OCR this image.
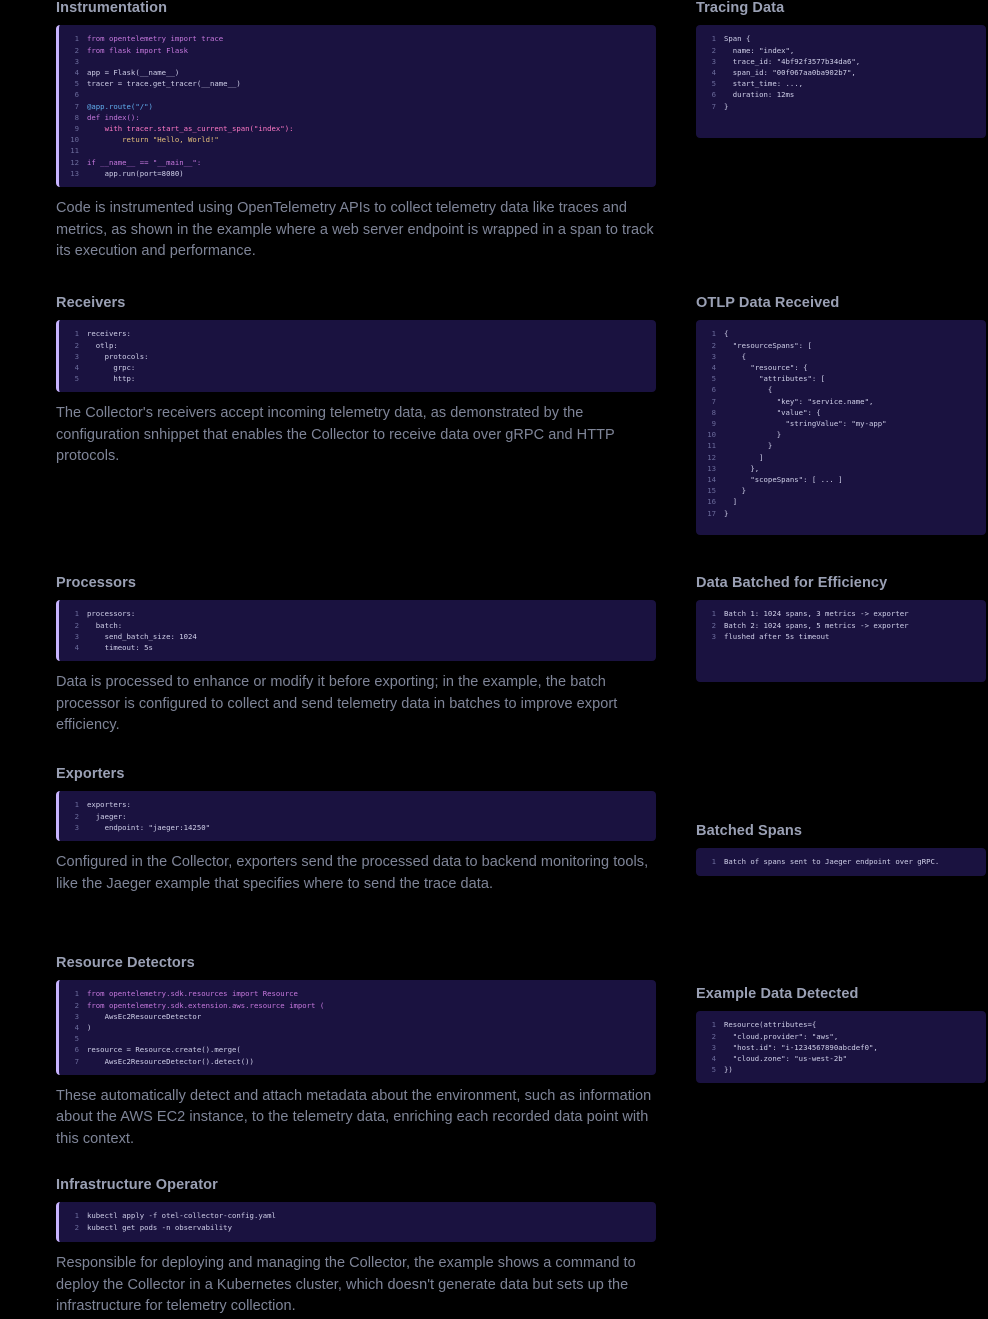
Instrumentation
1 from opentelemetry import trace
2 from flask import Flask
3

4 app = Flask(__name__)
5 tracer = trace.get_tracer(__name__)
6

7 @app.route("/")
8 def index():
9 with tracer.start_as_current_span("index"):
10 return "Hello, World!"
11

12 if __name__ == "__main__":
13 app.run(port=8080)

Code is instrumented using OpenTelemetry APIs to collect telemetry data like traces and metrics, as shown in the example where a web server endpoint is wrapped in a span to track its execution and performance.

Receivers
1 receivers:
2 otlp:
3 protocols:
4 grpc:
5 http:

The Collector's receivers accept incoming telemetry data, as demonstrated by the configuration snhippet that enables the Collector to receive data over gRPC and HTTP protocols.

Processors
1 processors:
2 batch:
3 send_batch_size: 1024
4 timeout: 5s

Data is processed to enhance or modify it before exporting; in the example, the batch processor is configured to collect and send telemetry data in batches to improve export efficiency.

Exporters
1 exporters:
2 jaeger:
3 endpoint: "jaeger:14250"

Configured in the Collector, exporters send the processed data to backend monitoring tools, like the Jaeger example that specifies where to send the trace data.

Resource Detectors
1 from opentelemetry.sdk.resources import Resource
2 from opentelemetry.sdk.extension.aws.resource import (
3 AwsEc2ResourceDetector
4 )
5

6 resource = Resource.create().merge(
7 AwsEc2ResourceDetector().detect())

These automatically detect and attach metadata about the environment, such as information about the AWS EC2 instance, to the telemetry data, enriching each recorded data point with this context.

Infrastructure Operator
1 kubectl apply -f otel-collector-config.yaml
2 kubectl get pods -n observability

Responsible for deploying and managing the Collector, the example shows a command to deploy the Collector in a Kubernetes cluster, which doesn't generate data but sets up the infrastructure for telemetry collection.

Tracing Data
1 Span {
2 name: "index",
3 trace_id: "4bf92f3577b34da6",
4 span_id: "00f067aa0ba902b7",
5 start_time: ...,
6 duration: 12ms
7 }
OTLP Data Received
1 {
2 "resourceSpans": [
3 {
4 "resource": {
5 "attributes": [
6 {
7 "key": "service.name",
8 "value": {
9 "stringValue": "my-app"
10 }
11 }
12 ]
13 },
14 "scopeSpans": [ ... ]
15 }
16 ]
17 }
Data Batched for Efficiency
1 Batch 1: 1024 spans, 3 metrics -> exporter
2 Batch 2: 1024 spans, 5 metrics -> exporter
3 flushed after 5s timeout
Batched Spans
1 Batch of spans sent to Jaeger endpoint over gRPC.
Example Data Detected
1 Resource(attributes={
2 "cloud.provider": "aws",
3 "host.id": "i-1234567890abcdef0",
4 "cloud.zone": "us-west-2b"
5 })
